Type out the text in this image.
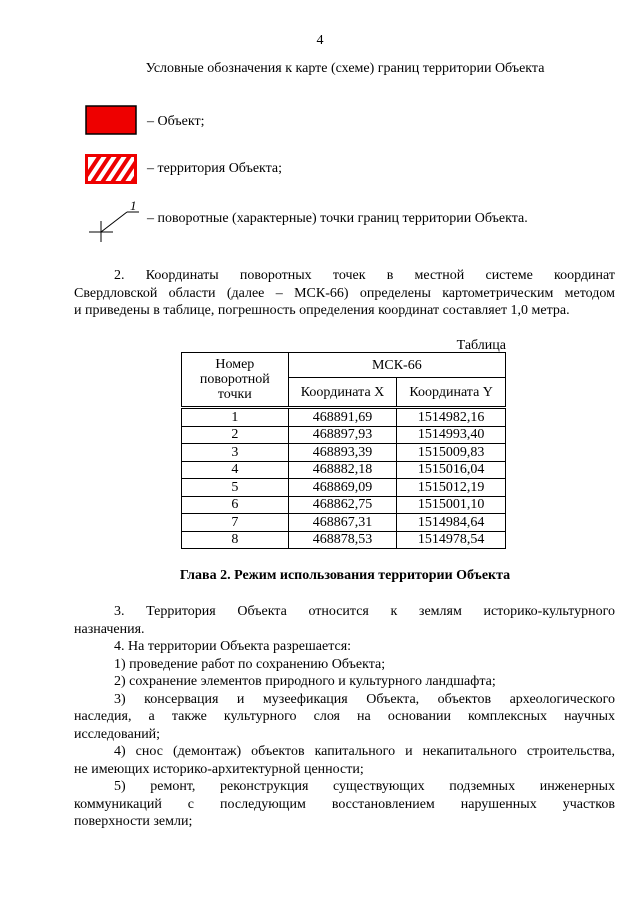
4
Условные обозначения к карте (схеме) границ территории Объекта
– Объект;
– территория Объекта;
1
– поворотные (характерные) точки границ территории Объекта.
2. Координаты поворотных точек в местной системе координат
Свердловской области (далее – МСК-66) определены картометрическим методом
и приведены в таблице, погрешность определения координат составляет 1,0 метра.
Таблица
Номер поворотной точки	МСК-66	
	Координата X	Координата Y
1	468891,69	1514982,16
2	468897,93	1514993,40
3	468893,39	1515009,83
4	468882,18	1515016,04
5	468869,09	1515012,19
6	468862,75	1515001,10
7	468867,31	1514984,64
8	468878,53	1514978,54
Глава 2. Режим использования территории Объекта
3. Территория Объекта относится к землям историко-культурного
назначения.
4. На территории Объекта разрешается:
1) проведение работ по сохранению Объекта;
2) сохранение элементов природного и культурного ландшафта;
3) консервация и музеефикация Объекта, объектов археологического
наследия, а также культурного слоя на основании комплексных научных
исследований;
4) снос (демонтаж) объектов капитального и некапитального строительства,
не имеющих историко-архитектурной ценности;
5) ремонт, реконструкция существующих подземных инженерных
коммуникаций с последующим восстановлением нарушенных участков
поверхности земли;
